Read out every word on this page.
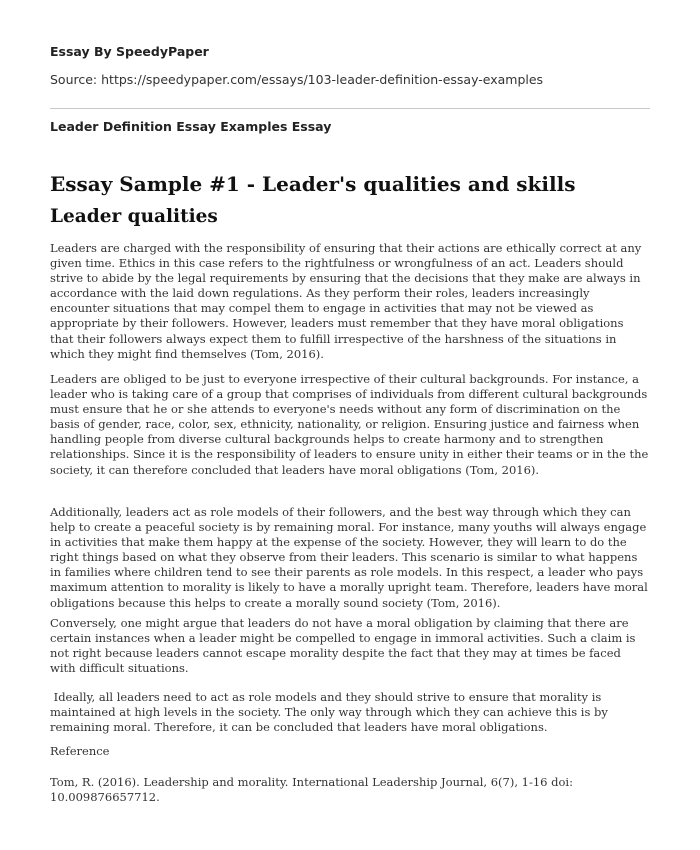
Essay By SpeedyPaper
Source: https://speedypaper.com/essays/103-leader-definition-essay-examples
Leader Definition Essay Examples Essay
Essay Sample #1 - Leader's qualities and skills
Leader qualities
Leaders are charged with the responsibility of ensuring that their actions are ethically correct at any given time. Ethics in this case refers to the rightfulness or wrongfulness of an act. Leaders should strive to abide by the legal requirements by ensuring that the decisions that they make are always in accordance with the laid down regulations. As they perform their roles, leaders increasingly encounter situations that may compel them to engage in activities that may not be viewed as appropriate by their followers. However, leaders must remember that they have moral obligations that their followers always expect them to fulfill irrespective of the harshness of the situations in which they might find themselves (Tom, 2016).
Leaders are obliged to be just to everyone irrespective of their cultural backgrounds. For instance, a leader who is taking care of a group that comprises of individuals from different cultural backgrounds must ensure that he or she attends to everyone's needs without any form of discrimination on the basis of gender, race, color, sex, ethnicity, nationality, or religion. Ensuring justice and fairness when handling people from diverse cultural backgrounds helps to create harmony and to strengthen relationships. Since it is the responsibility of leaders to ensure unity in either their teams or in the the society, it can therefore concluded that leaders have moral obligations (Tom, 2016).
Additionally, leaders act as role models of their followers, and the best way through which they can help to create a peaceful society is by remaining moral. For instance, many youths will always engage in activities that make them happy at the expense of the society. However, they will learn to do the right things based on what they observe from their leaders. This scenario is similar to what happens in families where children tend to see their parents as role models. In this respect, a leader who pays maximum attention to morality is likely to have a morally upright team. Therefore, leaders have moral obligations because this helps to create a morally sound society (Tom, 2016).
Conversely, one might argue that leaders do not have a moral obligation by claiming that there are certain instances when a leader might be compelled to engage in immoral activities. Such a claim is not right because leaders cannot escape morality despite the fact that they may at times be faced with difficult situations.
Ideally, all leaders need to act as role models and they should strive to ensure that morality is maintained at high levels in the society. The only way through which they can achieve this is by remaining moral. Therefore, it can be concluded that leaders have moral obligations.
Reference
Tom, R. (2016). Leadership and morality. International Leadership Journal, 6(7), 1-16 doi: 10.009876657712.
